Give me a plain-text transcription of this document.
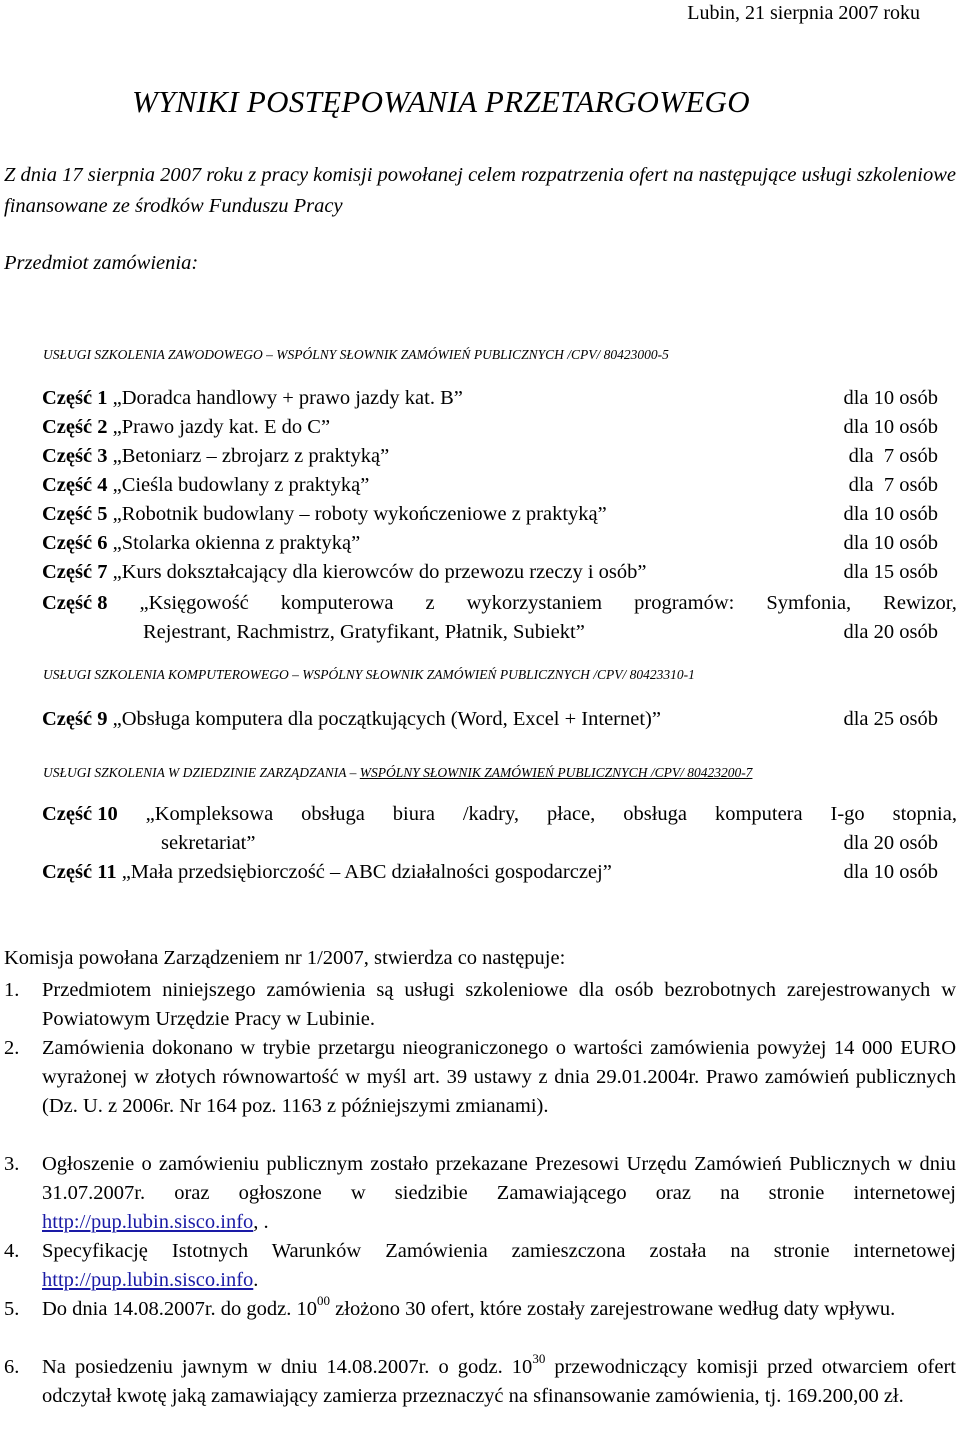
Lubin, 21 sierpnia 2007 roku
WYNIKI POSTĘPOWANIA PRZETARGOWEGO
Z dnia 17 sierpnia 2007 roku z pracy komisji powołanej celem rozpatrzenia ofert na następujące usługi szkoleniowe finansowane ze środków Funduszu Pracy
Przedmiot zamówienia:
USŁUGI SZKOLENIA ZAWODOWEGO – WSPÓLNY SŁOWNIK ZAMÓWIEŃ PUBLICZNYCH /CPV/ 80423000-5
Część 1 „Doradca handlowy + prawo jazdy kat. B”	dla 10 osób
Część 2 „Prawo jazdy kat. E do C”	dla 10 osób
Część 3 „Betoniarz – zbrojarz z praktyką”	dla  7 osób
Część 4 „Cieśla budowlany z praktyką”	dla  7 osób
Część 5 „Robotnik budowlany – roboty wykończeniowe z praktyką”	dla 10 osób
Część 6 „Stolarka okienna z praktyką”	dla 10 osób
Część 7 „Kurs dokształcający dla kierowców do przewozu rzeczy i osób”	dla 15 osób
Część 8 „Księgowość komputerowa z wykorzystaniem programów: Symfonia, Rewizor,
Rejestrant, Rachmistrz, Gratyfikant, Płatnik, Subiekt”	dla 20 osób
USŁUGI SZKOLENIA KOMPUTEROWEGO – WSPÓLNY SŁOWNIK ZAMÓWIEŃ PUBLICZNYCH /CPV/ 80423310-1
Część 9 „Obsługa komputera dla początkujących (Word, Excel + Internet)”	dla 25 osób
USŁUGI SZKOLENIA W DZIEDZINIE ZARZĄDZANIA – WSPÓLNY SŁOWNIK ZAMÓWIEŃ PUBLICZNYCH /CPV/ 80423200-7
Część 10 „Kompleksowa obsługa biura /kadry, płace, obsługa komputera I-go stopnia,
sekretariat”	dla 20 osób
Część 11 „Mała przedsiębiorczość – ABC działalności gospodarczej”	dla 10 osób
Komisja powołana Zarządzeniem nr 1/2007, stwierdza co następuje:
1. Przedmiotem niniejszego zamówienia są usługi szkoleniowe dla osób bezrobotnych zarejestrowanych w Powiatowym Urzędzie Pracy w Lubinie.
2. Zamówienia dokonano w trybie przetargu nieograniczonego o wartości zamówienia powyżej 14 000 EURO wyrażonej w złotych równowartość w myśl art. 39 ustawy z dnia 29.01.2004r. Prawo zamówień publicznych (Dz. U. z 2006r. Nr 164 poz. 1163 z późniejszymi zmianami).
3. Ogłoszenie o zamówieniu publicznym zostało przekazane Prezesowi Urzędu Zamówień Publicznych w dniu 31.07.2007r. oraz ogłoszone w siedzibie Zamawiającego oraz na stronie internetowej http://pup.lubin.sisco.info, .
4. Specyfikację Istotnych Warunków Zamówienia zamieszczona została na stronie internetowej http://pup.lubin.sisco.info.
5. Do dnia 14.08.2007r. do godz. $10^{00}$ złożono 30 ofert, które zostały zarejestrowane według daty wpływu.
6. Na posiedzeniu jawnym w dniu 14.08.2007r. o godz. $10^{30}$ przewodniczący komisji przed otwarciem ofert odczytał kwotę jaką zamawiający zamierza przeznaczyć na sfinansowanie zamówienia, tj. 169.200,00 zł.
